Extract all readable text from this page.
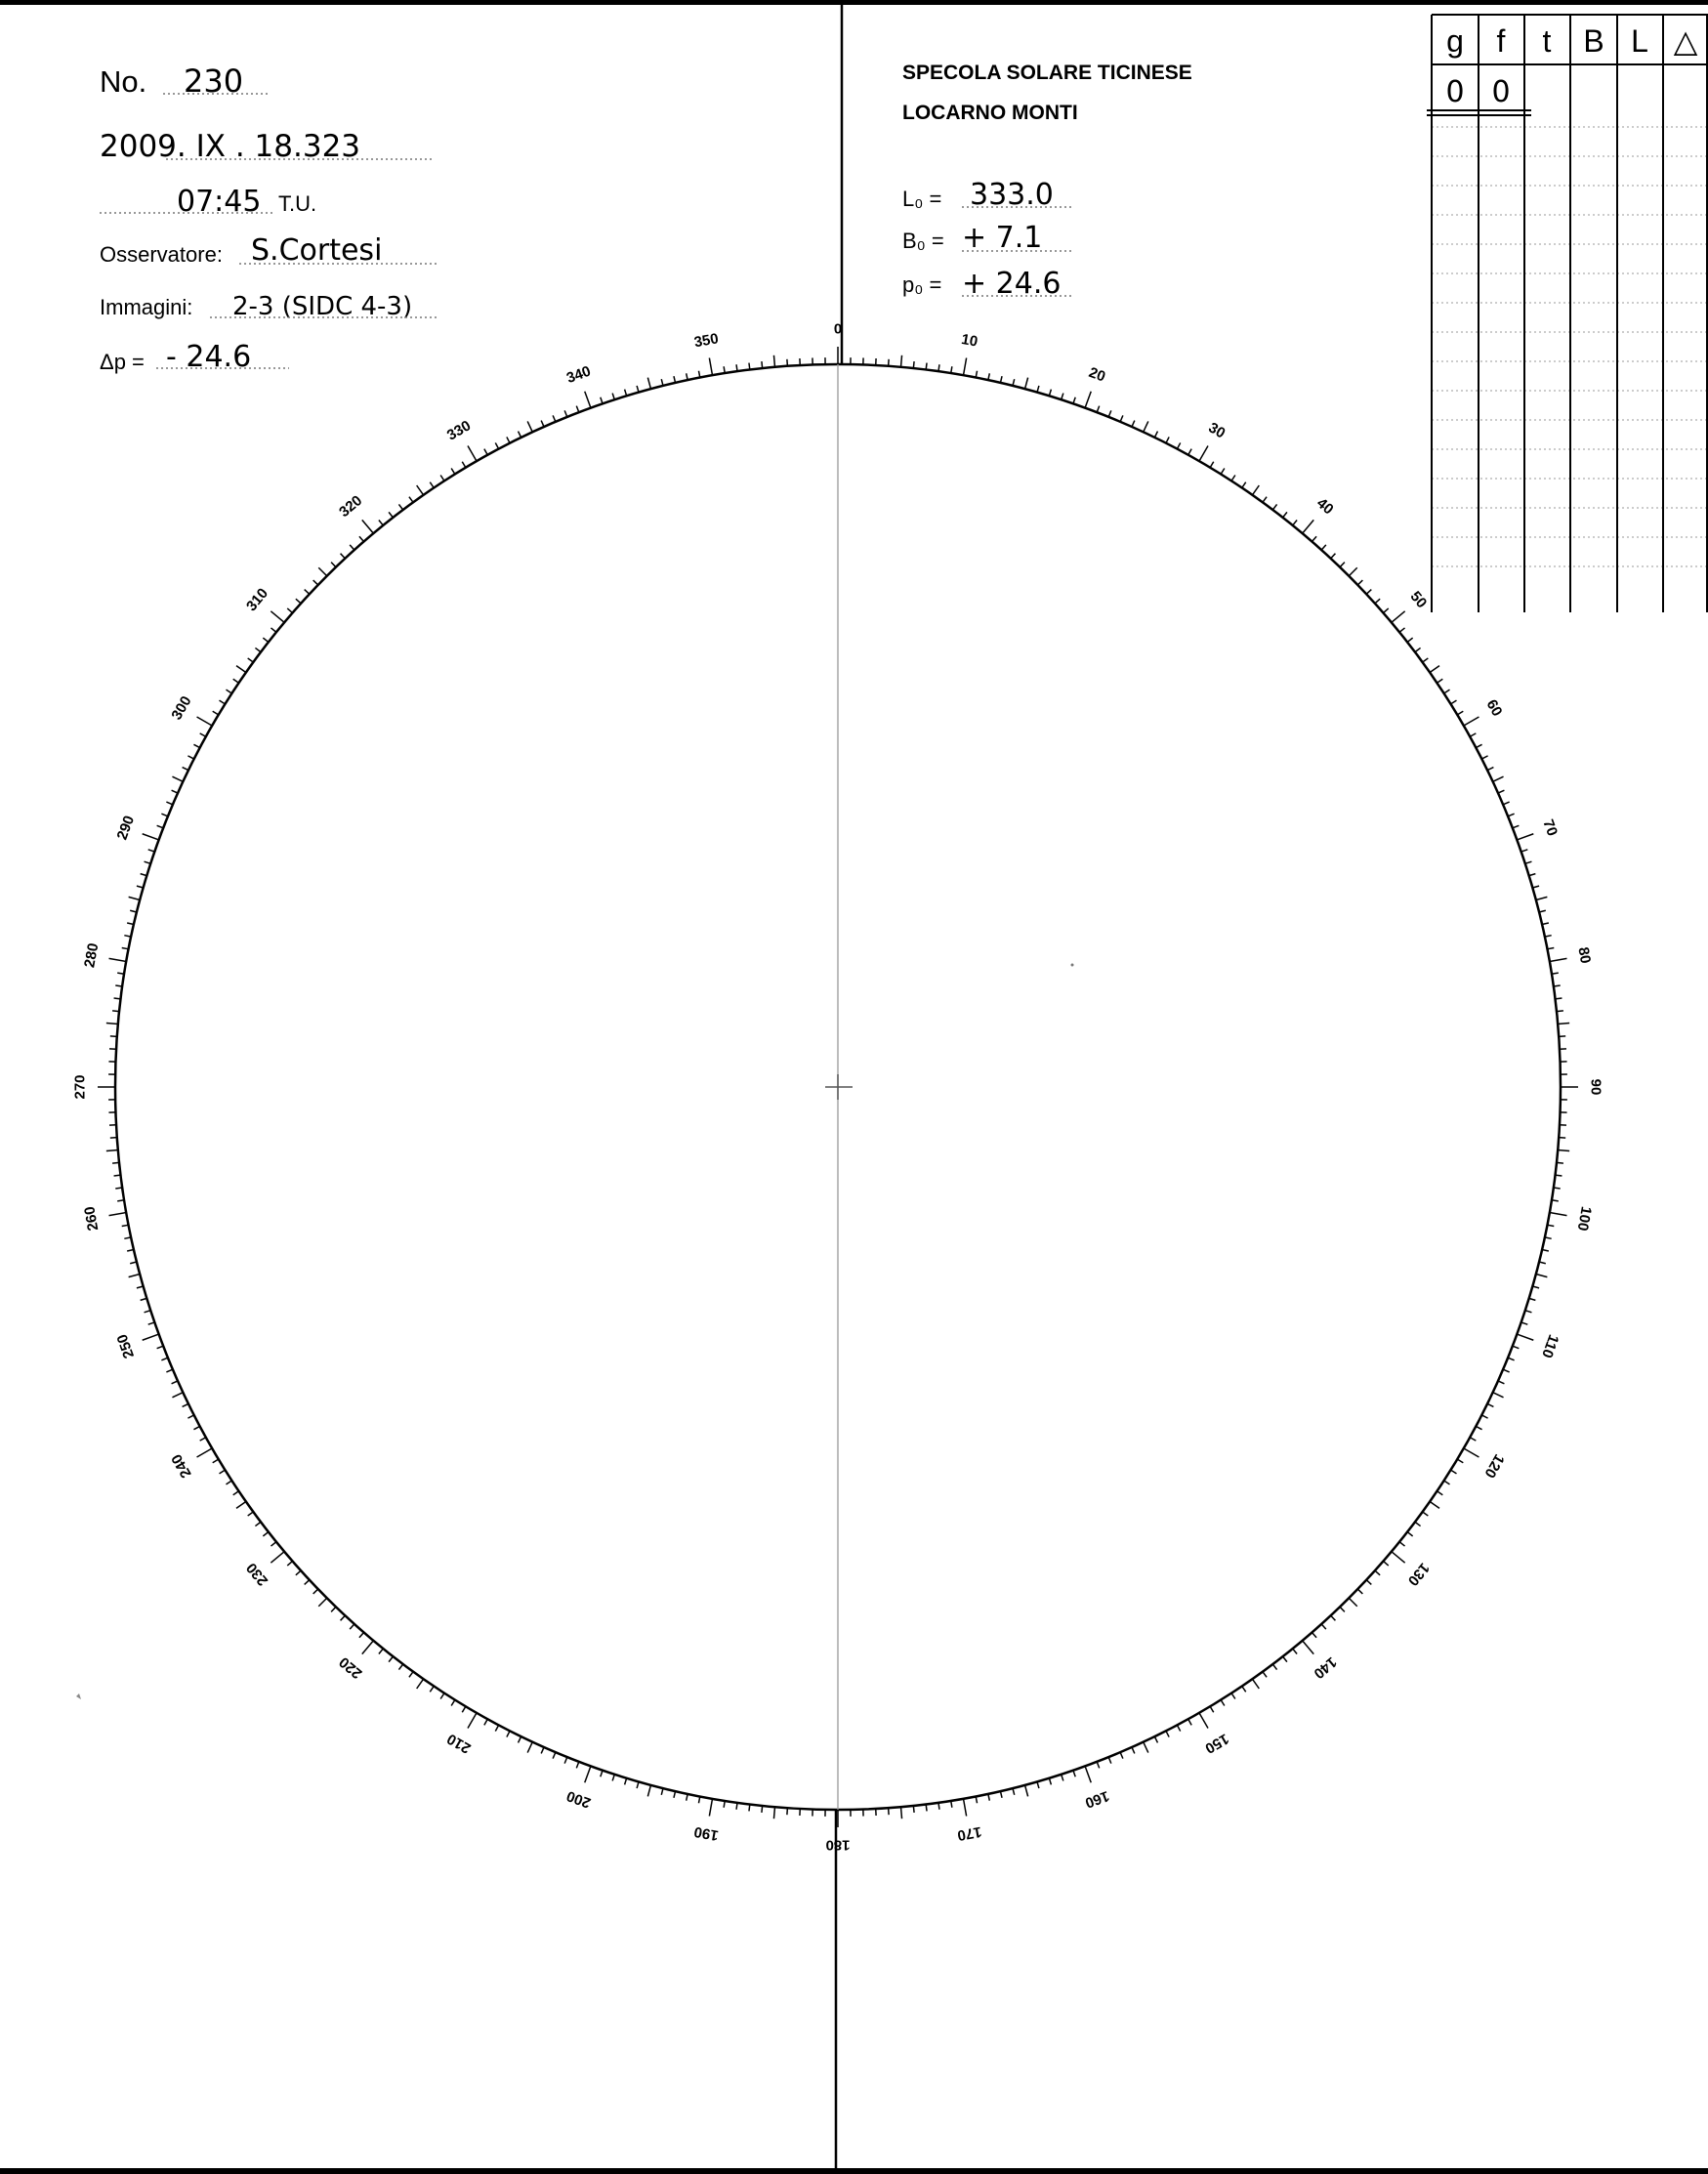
No. 230
2009. IX . 18.323
07:45 T.U.
Osservatore: S.Cortesi
Immagini: 2-3 (SIDC 4-3)
Δp = - 24.6
SPECOLA SOLARE TICINESE
LOCARNO MONTI
L₀ = 333.0
B₀ = + 7.1
p₀ = + 24.6
g f t B L △
0 0
0
10
20
30
40
50
60
70
80
90
100
110
120
130
140
150
160
170
180
190
200
210
220
230
240
250
260
270
280
290
300
310
320
330
340
350
